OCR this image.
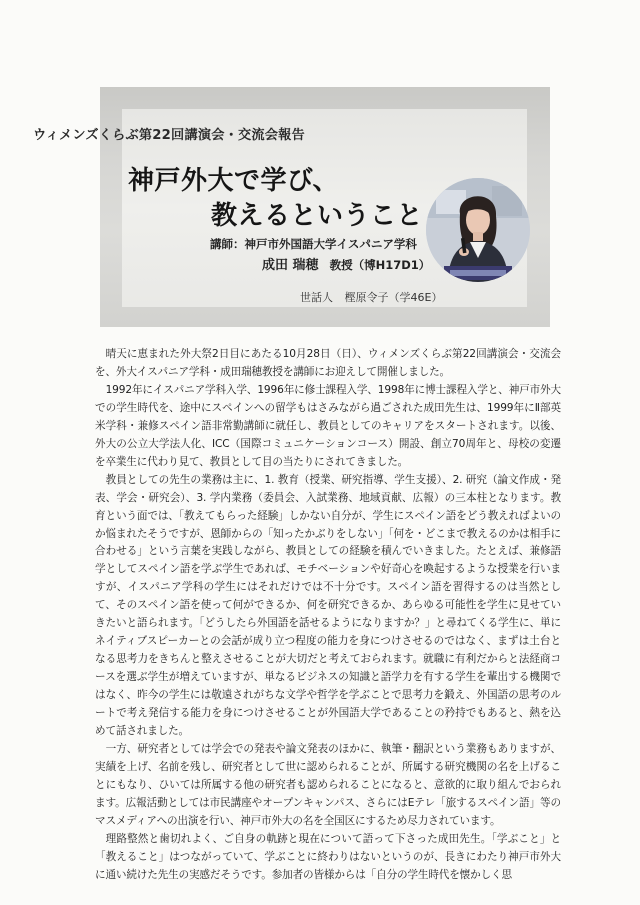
ウィメンズくらぶ第22回講演会・交流会報告
神戸外大で学び、
教えるということ
講師：神戸市外国語大学イスパニア学科
成田 瑞穂 教授（博H17D1）
世話人 樫原令子（学46E）

晴天に恵まれた外大祭2日目にあたる10月28日（日）、ウィメンズくらぶ第22回講演会・交流会を、外大イスパニア学科・成田瑞穂教授を講師にお迎えして開催しました。

1992年にイスパニア学科入学、1996年に修士課程入学、1998年に博士課程入学と、神戸市外大での学生時代を、途中にスペインへの留学もはさみながら過ごされた成田先生は、1999年にⅡ部英米学科・兼修スペイン語非常勤講師に就任し、教員としてのキャリアをスタートされます。以後、外大の公立大学法人化、ICC（国際コミュニケーションコース）開設、創立70周年と、母校の変遷を卒業生に代わり見て、教員として目の当たりにされてきました。

教員としての先生の業務は主に、1. 教育（授業、研究指導、学生支援）、2. 研究（論文作成・発表、学会・研究会）、3. 学内業務（委員会、入試業務、地域貢献、広報）の三本柱となります。教育という面では、「教えてもらった経験」しかない自分が、学生にスペイン語をどう教えればよいのか悩まれたそうですが、恩師からの「知ったかぶりをしない」「何を・どこまで教えるのかは相手に合わせる」という言葉を実践しながら、教員としての経験を積んでいきました。たとえば、兼修語学としてスペイン語を学ぶ学生であれば、モチベーションや好奇心を喚起するような授業を行いますが、イスパニア学科の学生にはそれだけでは不十分です。スペイン語を習得するのは当然として、そのスペイン語を使って何ができるか、何を研究できるか、あらゆる可能性を学生に見せていきたいと語られます。「どうしたら外国語を話せるようになりますか？」と尋ねてくる学生に、単にネイティブスピーカーとの会話が成り立つ程度の能力を身につけさせるのではなく、まずは土台となる思考力をきちんと整えさせることが大切だと考えておられます。就職に有利だからと法経商コースを選ぶ学生が増えていますが、単なるビジネスの知識と語学力を有する学生を輩出する機関ではなく、昨今の学生には敬遠されがちな文学や哲学を学ぶことで思考力を鍛え、外国語の思考のルートで考え発信する能力を身につけさせることが外国語大学であることの矜持でもあると、熱を込めて話されました。

一方、研究者としては学会での発表や論文発表のほかに、執筆・翻訳という業務もありますが、実績を上げ、名前を残し、研究者として世に認められることが、所属する研究機関の名を上げることにもなり、ひいては所属する他の研究者も認められることになると、意欲的に取り組んでおられます。広報活動としては市民講座やオープンキャンパス、さらにはEテレ「旅するスペイン語」等のマスメディアへの出演を行い、神戸市外大の名を全国区にするため尽力されています。

理路整然と歯切れよく、ご自身の軌跡と現在について語って下さった成田先生。「学ぶこと」と「教えること」はつながっていて、学ぶことに終わりはないというのが、長きにわたり神戸市外大に通い続けた先生の実感だそうです。参加者の皆様からは「自分の学生時代を懐かしく思
